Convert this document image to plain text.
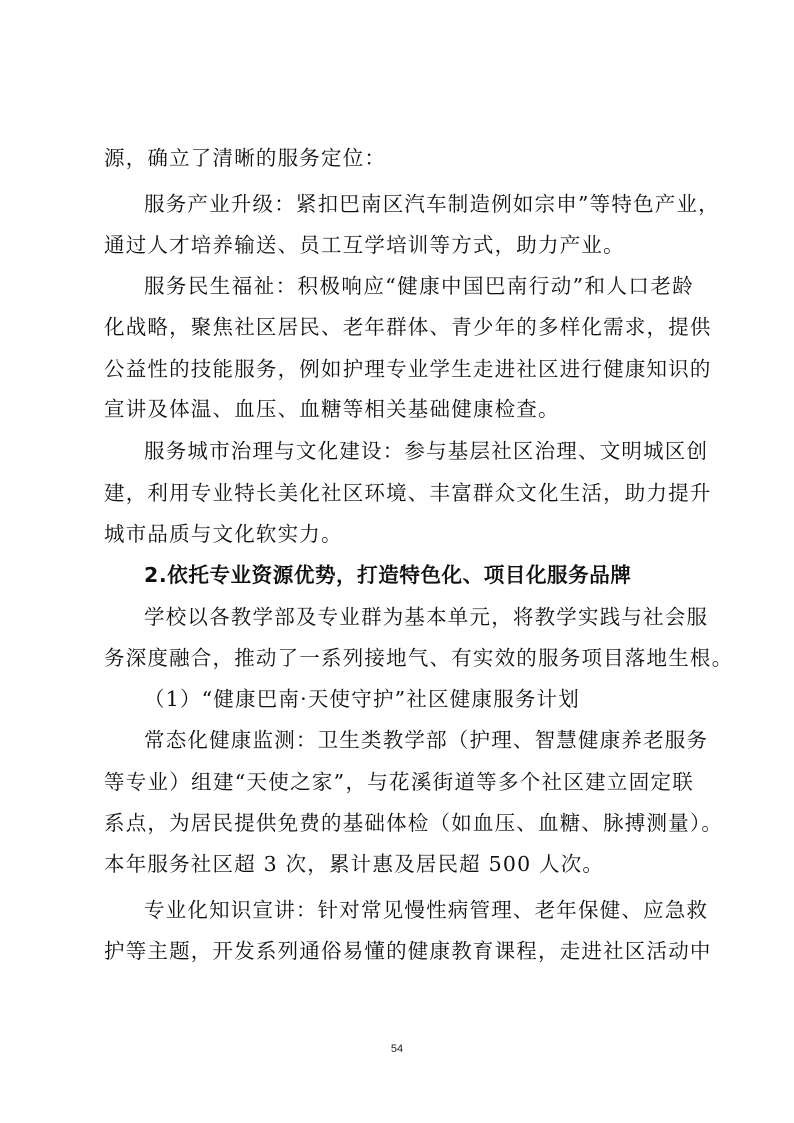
源，确立了清晰的服务定位：
服务产业升级：紧扣巴南区汽车制造例如宗申”等特色产业，
通过人才培养输送、员工互学培训等方式，助力产业。
服务民生福祉：积极响应“健康中国巴南行动”和人口老龄
化战略，聚焦社区居民、老年群体、青少年的多样化需求，提供
公益性的技能服务，例如护理专业学生走进社区进行健康知识的
宣讲及体温、血压、血糖等相关基础健康检查。
服务城市治理与文化建设：参与基层社区治理、文明城区创
建，利用专业特长美化社区环境、丰富群众文化生活，助力提升
城市品质与文化软实力。
2.依托专业资源优势，打造特色化、项目化服务品牌
学校以各教学部及专业群为基本单元，将教学实践与社会服
务深度融合，推动了一系列接地气、有实效的服务项目落地生根。
（1）“健康巴南·天使守护”社区健康服务计划
常态化健康监测：卫生类教学部（护理、智慧健康养老服务
等专业）组建“天使之家”，与花溪街道等多个社区建立固定联
系点，为居民提供免费的基础体检（如血压、血糖、脉搏测量）。
本年服务社区超 3 次，累计惠及居民超 500 人次。
专业化知识宣讲：针对常见慢性病管理、老年保健、应急救
护等主题，开发系列通俗易懂的健康教育课程，走进社区活动中
54
